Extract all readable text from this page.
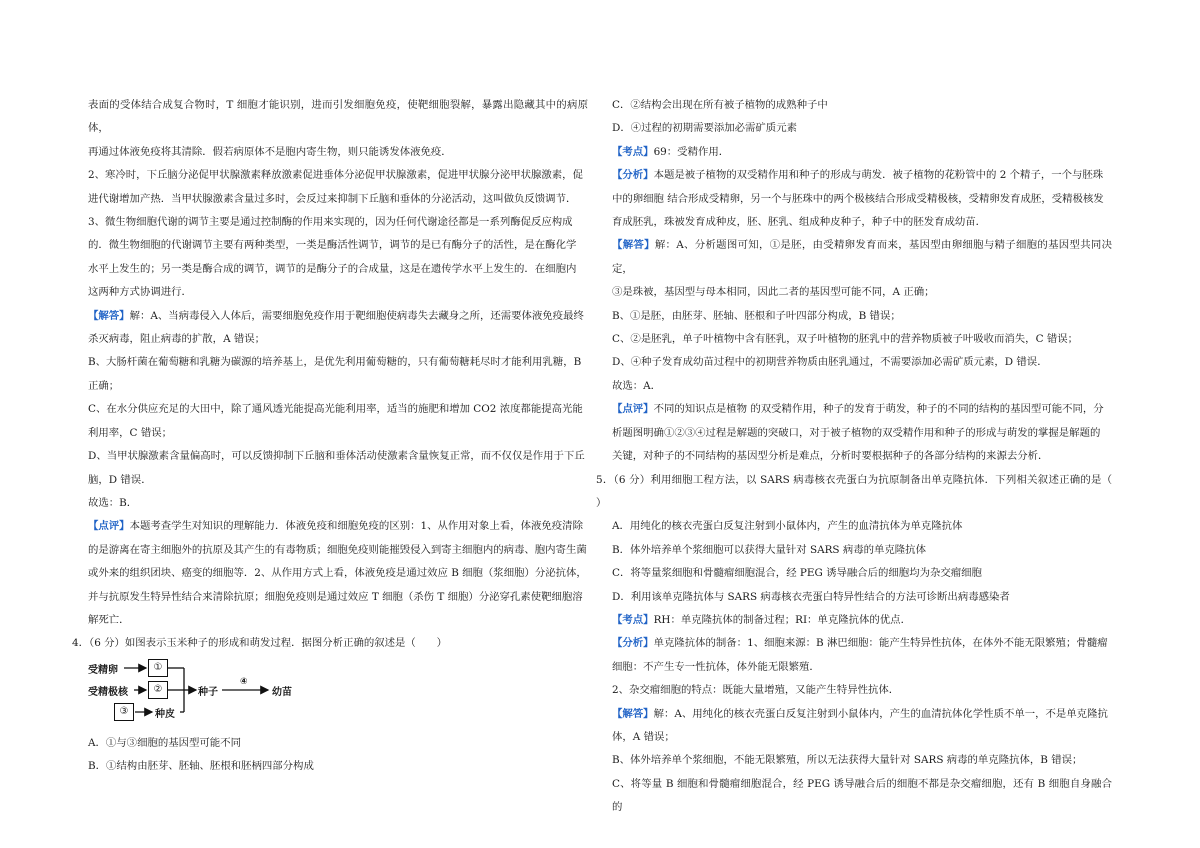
表面的受体结合成复合物时，T 细胞才能识别，进而引发细胞免疫，使靶细胞裂解，暴露出隐藏其中的病原体，

再通过体液免疫将其清除．假若病原体不是胞内寄生物，则只能诱发体液免疫．

2、寒冷时，下丘脑分泌促甲状腺激素释放激素促进垂体分泌促甲状腺激素，促进甲状腺分泌甲状腺激素，促

进代谢增加产热．当甲状腺激素含量过多时，会反过来抑制下丘脑和垂体的分泌活动，这叫做负反馈调节．

3、微生物细胞代谢的调节主要是通过控制酶的作用来实现的，因为任何代谢途径都是一系列酶促反应构成

的．微生物细胞的代谢调节主要有两种类型，一类是酶活性调节，调节的是已有酶分子的活性，是在酶化学

水平上发生的；另一类是酶合成的调节，调节的是酶分子的合成量，这是在遗传学水平上发生的．在细胞内

这两种方式协调进行．

【解答】解：A、当病毒侵入人体后，需要细胞免疫作用于靶细胞使病毒失去藏身之所，还需要体液免疫最终

杀灭病毒，阻止病毒的扩散，A 错误；

B、大肠杆菌在葡萄糖和乳糖为碳源的培养基上，是优先利用葡萄糖的，只有葡萄糖耗尽时才能利用乳糖，B

正确；

C、在水分供应充足的大田中，除了通风透光能提高光能利用率，适当的施肥和增加 CO2 浓度都能提高光能

利用率，C 错误；

D、当甲状腺激素含量偏高时，可以反馈抑制下丘脑和垂体活动使激素含量恢复正常，而不仅仅是作用于下丘

脑，D 错误．

故选：B．

【点评】本题考查学生对知识的理解能力．体液免疫和细胞免疫的区别：1、从作用对象上看，体液免疫清除

的是游离在寄主细胞外的抗原及其产生的有毒物质；细胞免疫则能摧毁侵入到寄主细胞内的病毒、胞内寄生菌

或外来的组织团块、癌变的细胞等．2、从作用方式上看，体液免疫是通过效应 B 细胞（浆细胞）分泌抗体，

并与抗原发生特异性结合来清除抗原；细胞免疫则是通过效应 T 细胞（杀伤 T 细胞）分泌穿孔素使靶细胞溶

解死亡．

4．（6 分）如图表示玉米种子的形成和萌发过程．据图分析正确的叙述是（　　）

受精卵
受精极核
①
②
③	种皮
种子
④
幼苗

A．①与③细胞的基因型可能不同

B．①结构由胚芽、胚轴、胚根和胚柄四部分构成

C．②结构会出现在所有被子植物的成熟种子中

D．④过程的初期需要添加必需矿质元素

【考点】69：受精作用．

【分析】本题是被子植物的双受精作用和种子的形成与萌发．被子植物的花粉管中的 2 个精子，一个与胚珠

中的卵细胞 结合形成受精卵，另一个与胚珠中的两个极核结合形成受精极核，受精卵发育成胚，受精极核发

育成胚乳，珠被发育成种皮，胚、胚乳、组成种皮种子，种子中的胚发育成幼苗．

【解答】解：A、分析题图可知，①是胚，由受精卵发育而来，基因型由卵细胞与精子细胞的基因型共同决定，

③是珠被，基因型与母本相同，因此二者的基因型可能不同，A 正确；

B、①是胚，由胚芽、胚轴、胚根和子叶四部分构成，B 错误；

C、②是胚乳，单子叶植物中含有胚乳，双子叶植物的胚乳中的营养物质被子叶吸收而消失，C 错误；

D、④种子发育成幼苗过程中的初期营养物质由胚乳通过，不需要添加必需矿质元素，D 错误．

故选：A．

【点评】不同的知识点是植物 的双受精作用，种子的发育于萌发，种子的不同的结构的基因型可能不同，分

析题图明确①②③④过程是解题的突破口，对于被子植物的双受精作用和种子的形成与萌发的掌握是解题的

关键，对种子的不同结构的基因型分析是难点，分析时要根据种子的各部分结构的来源去分析．

5．（6 分）利用细胞工程方法，以 SARS 病毒核衣壳蛋白为抗原制备出单克隆抗体．下列相关叙述正确的是（　　）

A．用纯化的核衣壳蛋白反复注射到小鼠体内，产生的血清抗体为单克隆抗体

B．体外培养单个浆细胞可以获得大量针对 SARS 病毒的单克隆抗体

C．将等量浆细胞和骨髓瘤细胞混合，经 PEG 诱导融合后的细胞均为杂交瘤细胞

D．利用该单克隆抗体与 SARS 病毒核衣壳蛋白特异性结合的方法可诊断出病毒感染者

【考点】RH：单克隆抗体的制备过程；RI：单克隆抗体的优点．

【分析】单克隆抗体的制备：1、细胞来源：B 淋巴细胞：能产生特异性抗体，在体外不能无限繁殖；骨髓瘤

细胞：不产生专一性抗体，体外能无限繁殖．

2、杂交瘤细胞的特点：既能大量增殖，又能产生特异性抗体．

【解答】解：A、用纯化的核衣壳蛋白反复注射到小鼠体内，产生的血清抗体化学性质不单一，不是单克隆抗

体，A 错误；

B、体外培养单个浆细胞，不能无限繁殖，所以无法获得大量针对 SARS 病毒的单克隆抗体，B 错误；

C、将等量 B 细胞和骨髓瘤细胞混合，经 PEG 诱导融合后的细胞不都是杂交瘤细胞，还有 B 细胞自身融合的
